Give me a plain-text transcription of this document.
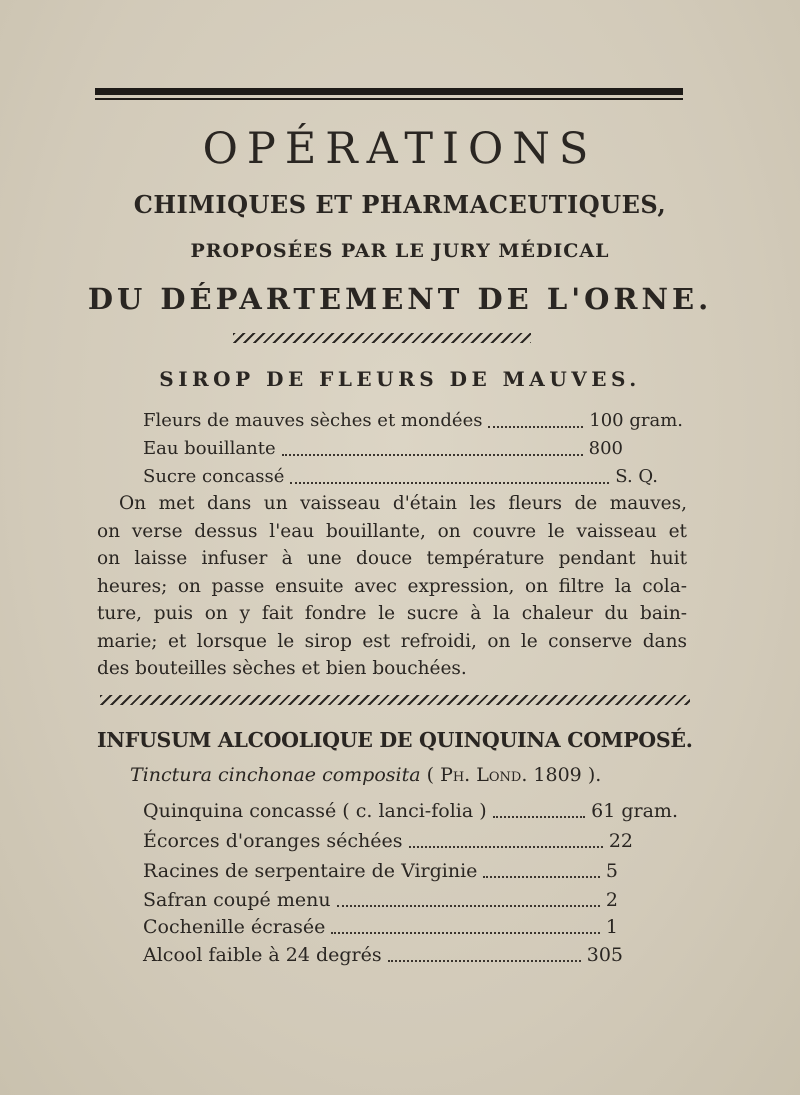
OPÉRATIONS
CHIMIQUES ET PHARMACEUTIQUES,
PROPOSÉES PAR LE JURY MÉDICAL
DU DÉPARTEMENT DE L'ORNE.
SIROP DE FLEURS DE MAUVES.
Fleurs de mauves sèches et mondées	100 gram.
Eau bouillante	800
Sucre concassé	S. Q.

On met dans un vaisseau d'étain les fleurs de mauves,
on verse dessus l'eau bouillante, on couvre le vaisseau et
on laisse infuser à une douce température pendant huit
heures; on passe ensuite avec expression, on filtre la cola-
ture, puis on y fait fondre le sucre à la chaleur du bain-
marie; et lorsque le sirop est refroidi, on le conserve dans
des bouteilles sèches et bien bouchées.

INFUSUM ALCOOLIQUE DE QUINQUINA COMPOSÉ.
Tinctura cinchonae composita ( Ph. Lond. 1809 ).
Quinquina concassé ( c. lanci-folia )	61 gram.
Écorces d'oranges séchées	22
Racines de serpentaire de Virginie	5
Safran coupé menu	2
Cochenille écrasée	1
Alcool faible à 24 degrés	305
